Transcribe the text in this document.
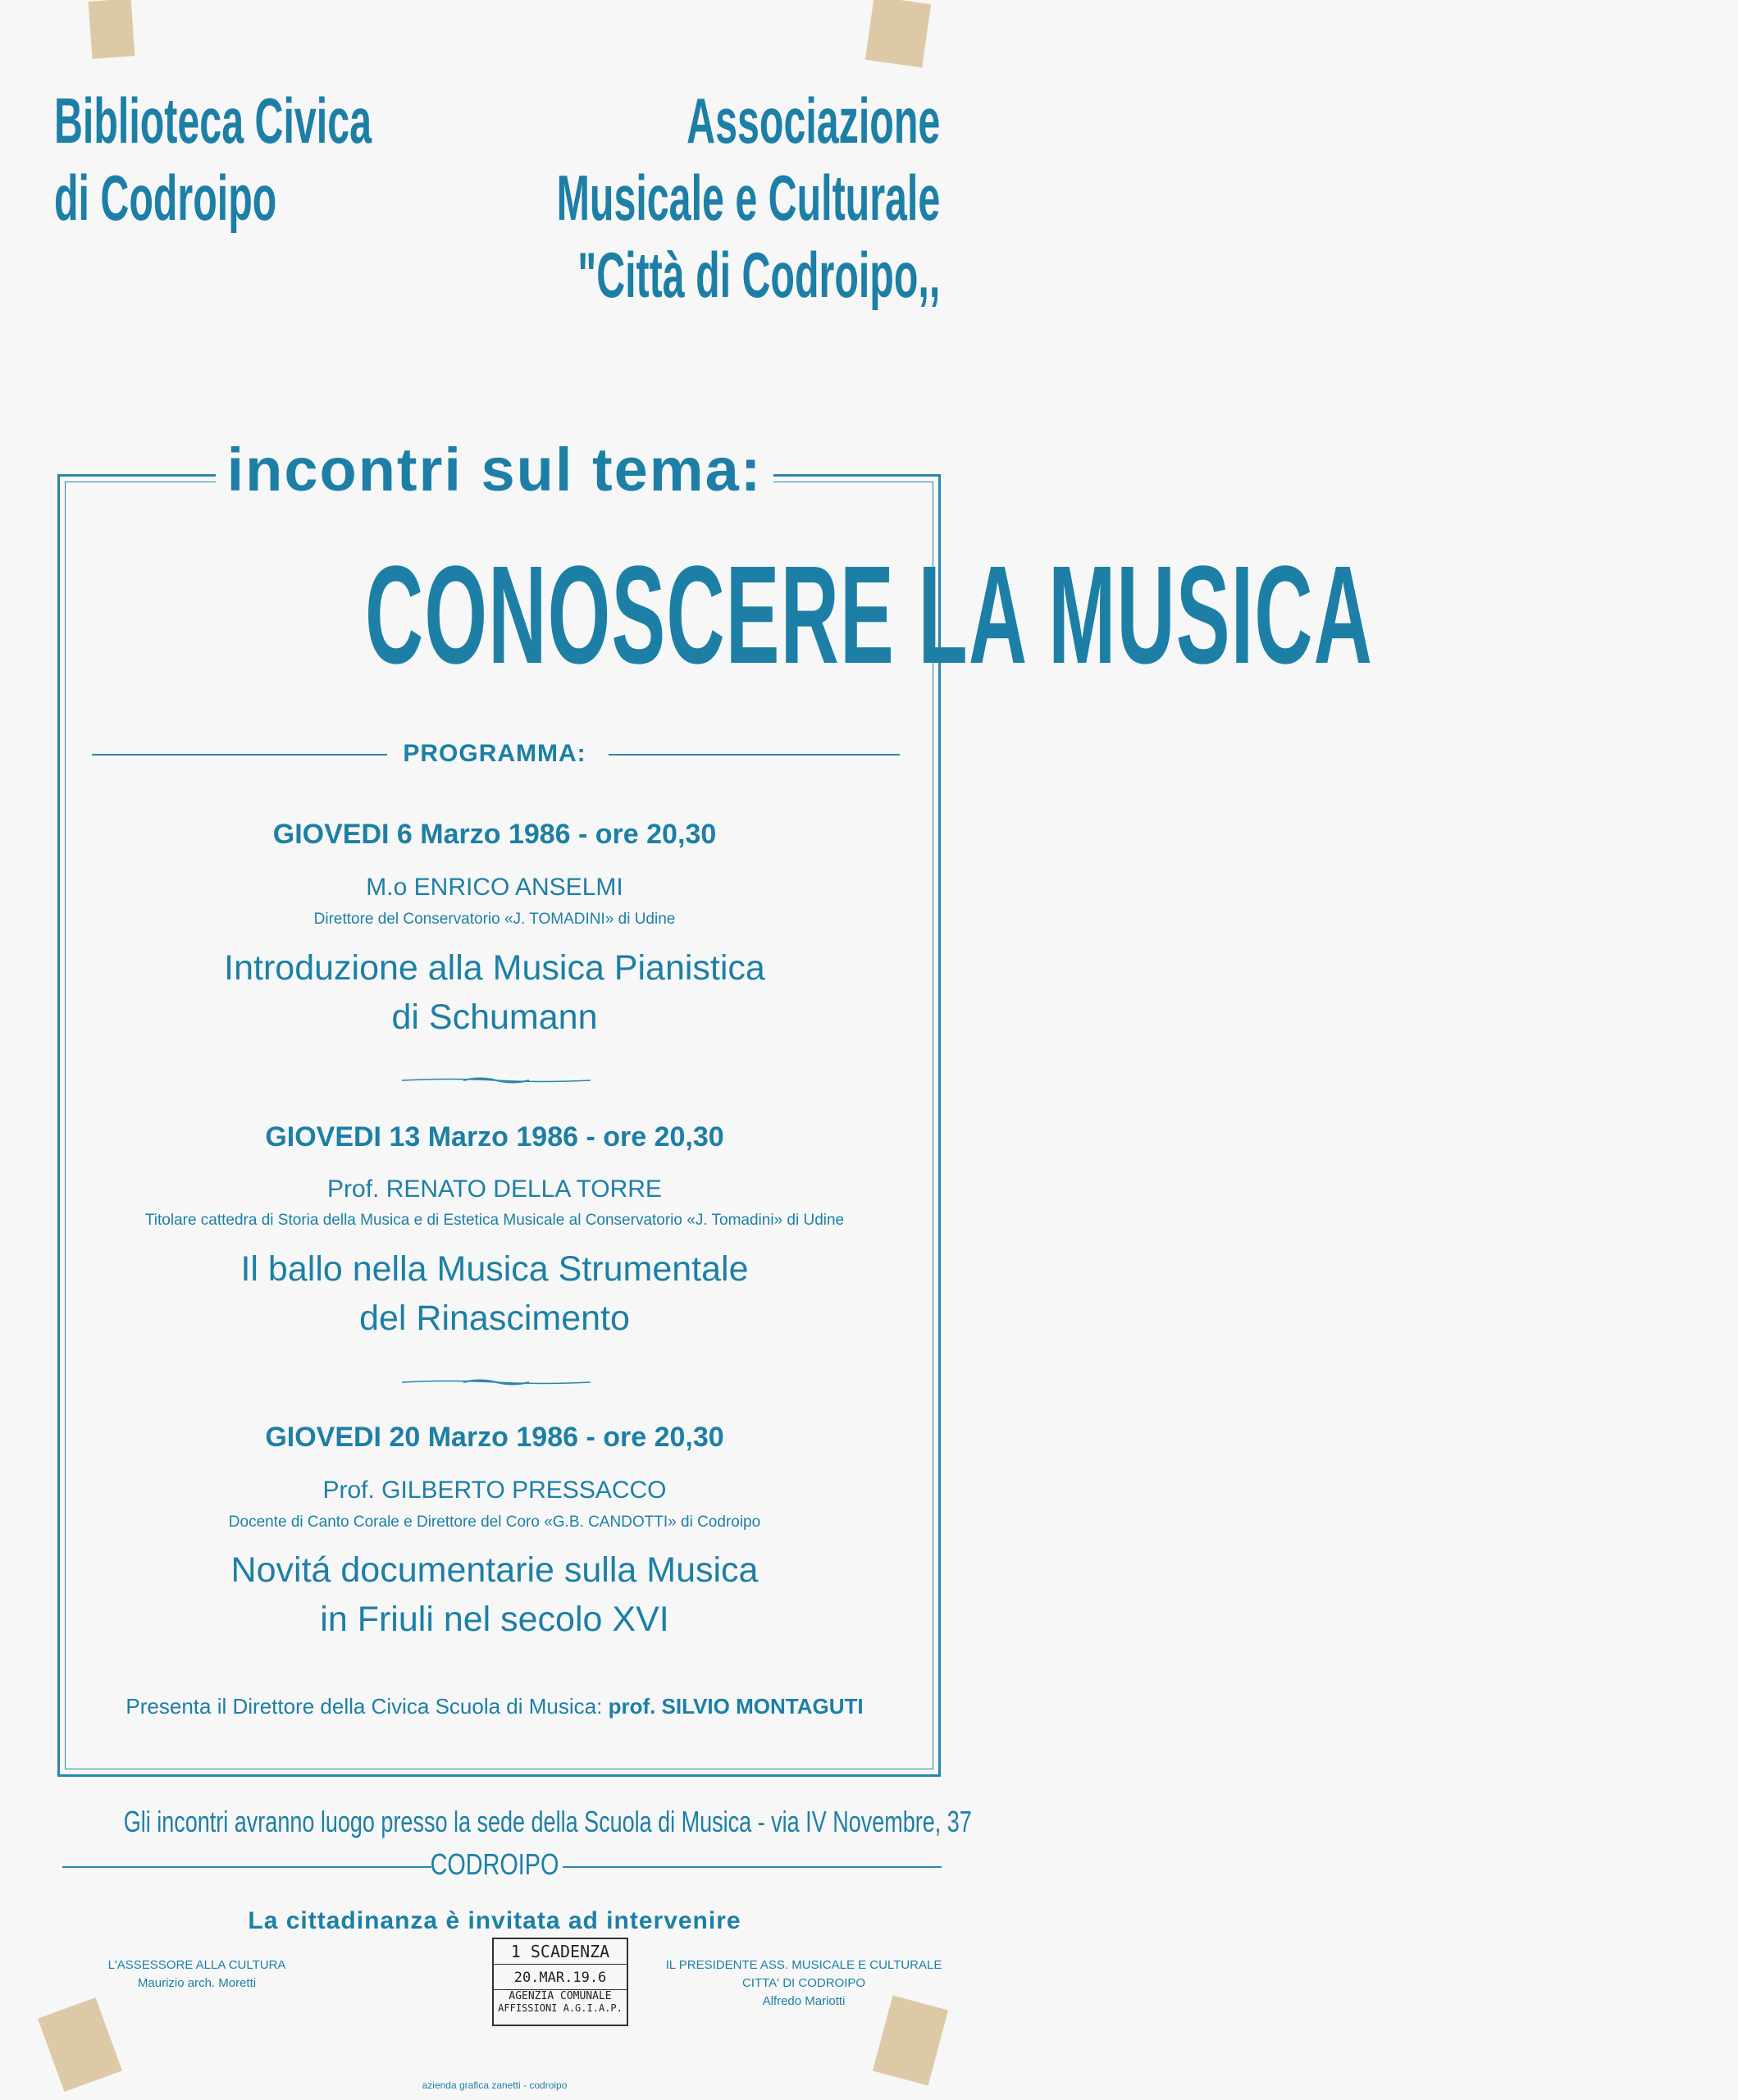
Biblioteca Civica
di Codroipo
Associazione
Musicale e Culturale
"Città di Codroipo,,
incontri sul tema:
CONOSCERE LA MUSICA
PROGRAMMA:
GIOVEDI 6 Marzo 1986 - ore 20,30
M.o ENRICO ANSELMI
Direttore del Conservatorio «J. TOMADINI» di Udine
Introduzione alla Musica Pianistica
di Schumann
GIOVEDI 13 Marzo 1986 - ore 20,30
Prof. RENATO DELLA TORRE
Titolare cattedra di Storia della Musica e di Estetica Musicale al Conservatorio «J. Tomadini» di Udine
Il ballo nella Musica Strumentale
del Rinascimento
GIOVEDI 20 Marzo 1986 - ore 20,30
Prof. GILBERTO PRESSACCO
Docente di Canto Corale e Direttore del Coro «G.B. CANDOTTI» di Codroipo
Novitá documentarie sulla Musica
in Friuli nel secolo XVI
Presenta il Direttore della Civica Scuola di Musica: prof. SILVIO MONTAGUTI
Gli incontri avranno luogo presso la sede della Scuola di Musica - via IV Novembre, 37
CODROIPO
La cittadinanza è invitata ad intervenire
L'ASSESSORE ALLA CULTURA
Maurizio arch. Moretti
IL PRESIDENTE ASS. MUSICALE E CULTURALE
CITTA' DI CODROIPO
Alfredo Mariotti
1 SCADENZA
20.MAR.19.6
AGENZIA COMUNALE
AFFISSIONI A.G.I.A.P.
azienda grafica zanetti - codroipo
